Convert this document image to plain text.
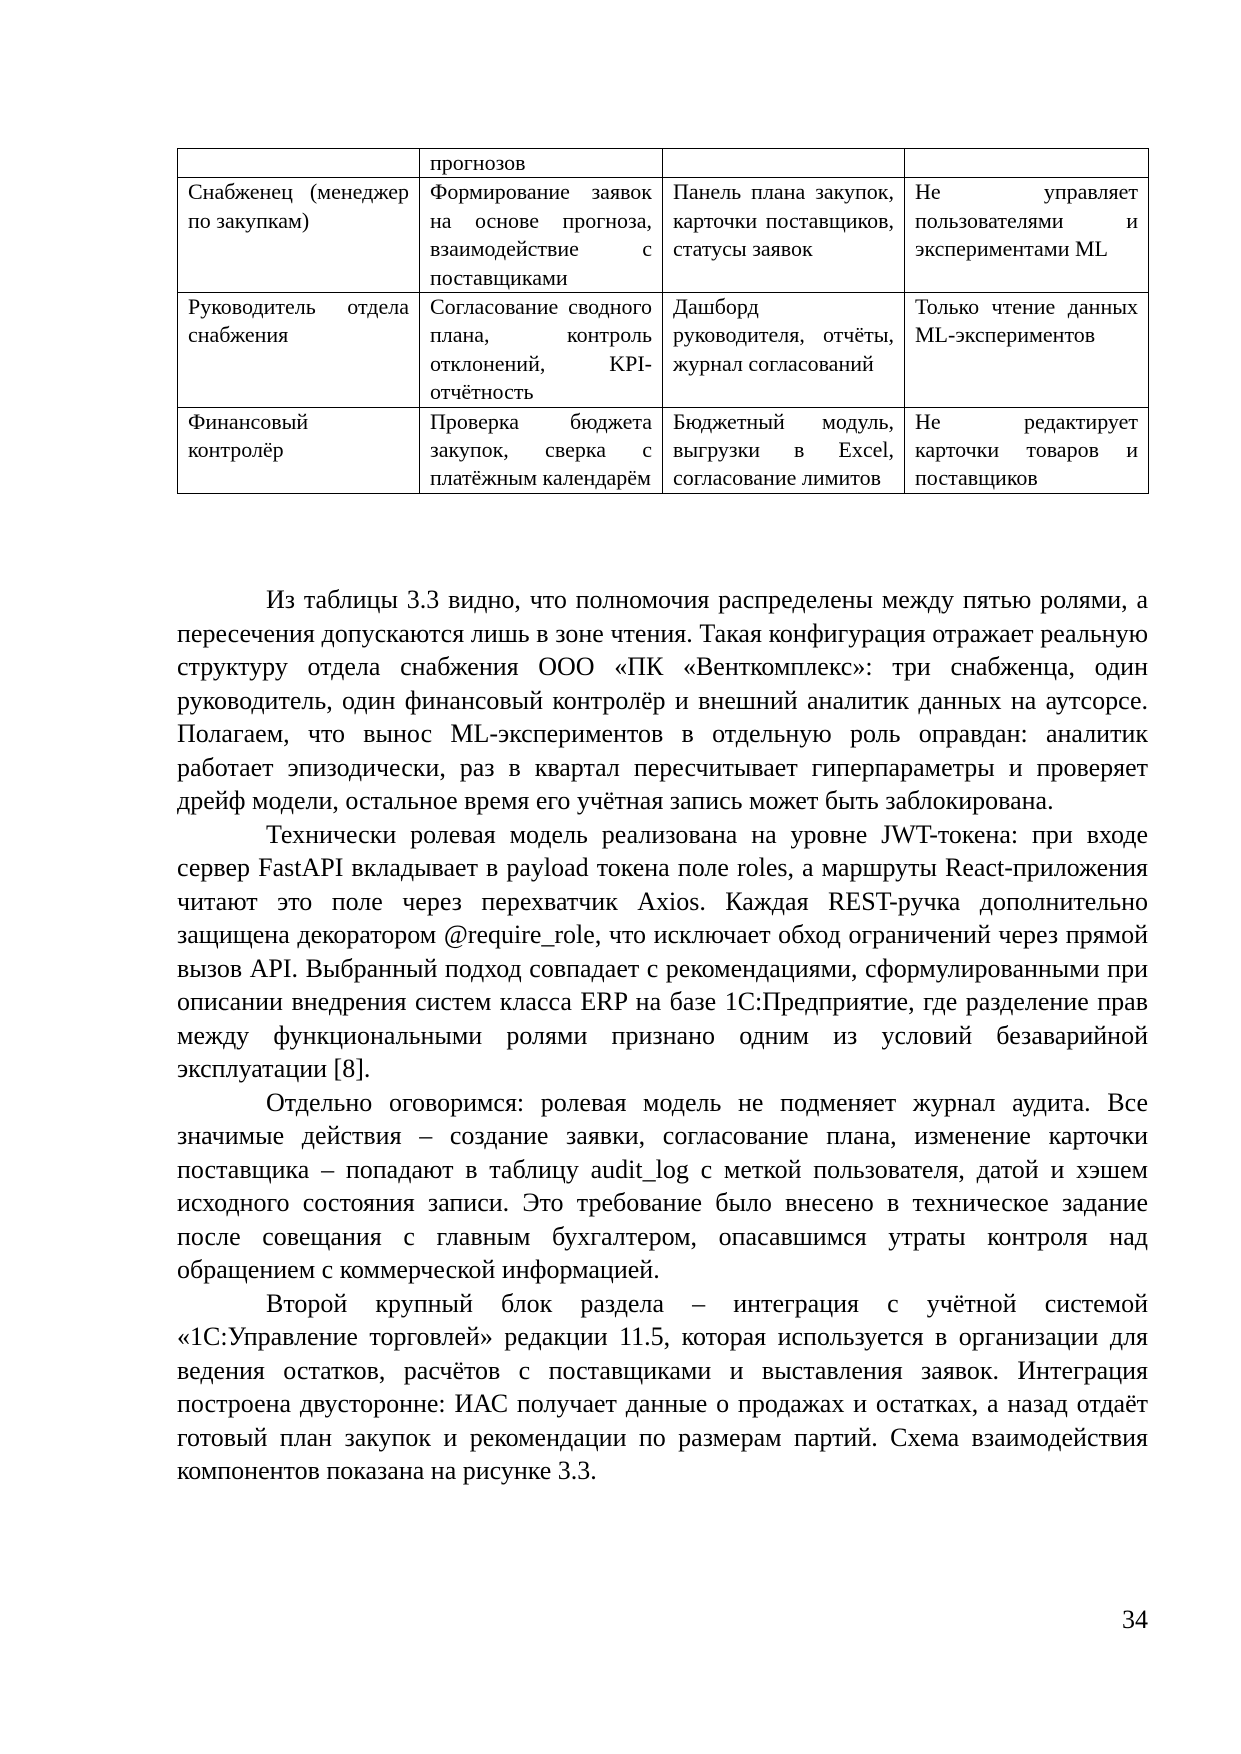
	прогнозов		
Снабженец (менеджер по закупкам)	Формирование заявок на основе прогноза, взаимодействие с поставщиками	Панель плана закупок, карточки поставщиков, статусы заявок	Не управляет пользователями и экспериментами ML
Руководитель отдела снабжения	Согласование сводного плана, контроль отклонений, KPI-отчётность	Дашборд руководителя, отчёты, журнал согласований	Только чтение данных ML-экспериментов
Финансовый контролёр	Проверка бюджета закупок, сверка с платёжным календарём	Бюджетный модуль, выгрузки в Excel, согласование лимитов	Не редактирует карточки товаров и поставщиков

Из таблицы 3.3 видно, что полномочия распределены между пятью ролями, а пересечения допускаются лишь в зоне чтения. Такая конфигурация отражает реальную структуру отдела снабжения ООО «ПК «Венткомплекс»: три снабженца, один руководитель, один финансовый контролёр и внешний аналитик данных на аутсорсе. Полагаем, что вынос ML-экспериментов в отдельную роль оправдан: аналитик работает эпизодически, раз в квартал пересчитывает гиперпараметры и проверяет дрейф модели, остальное время его учётная запись может быть заблокирована.

Технически ролевая модель реализована на уровне JWT-токена: при входе сервер FastAPI вкладывает в payload токена поле roles, а маршруты React-приложения читают это поле через перехватчик Axios. Каждая REST-ручка дополнительно защищена декоратором @require_role, что исключает обход ограничений через прямой вызов API. Выбранный подход совпадает с рекомендациями, сформулированными при описании внедрения систем класса ERP на базе 1С:Предприятие, где разделение прав между функциональными ролями признано одним из условий безаварийной эксплуатации [8].

Отдельно оговоримся: ролевая модель не подменяет журнал аудита. Все значимые действия – создание заявки, согласование плана, изменение карточки поставщика – попадают в таблицу audit_log с меткой пользователя, датой и хэшем исходного состояния записи. Это требование было внесено в техническое задание после совещания с главным бухгалтером, опасавшимся утраты контроля над обращением с коммерческой информацией.

Второй крупный блок раздела – интеграция с учётной системой «1С:Управление торговлей» редакции 11.5, которая используется в организации для ведения остатков, расчётов с поставщиками и выставления заявок. Интеграция построена двусторонне: ИАС получает данные о продажах и остатках, а назад отдаёт готовый план закупок и рекомендации по размерам партий. Схема взаимодействия компонентов показана на рисунке 3.3.

34
